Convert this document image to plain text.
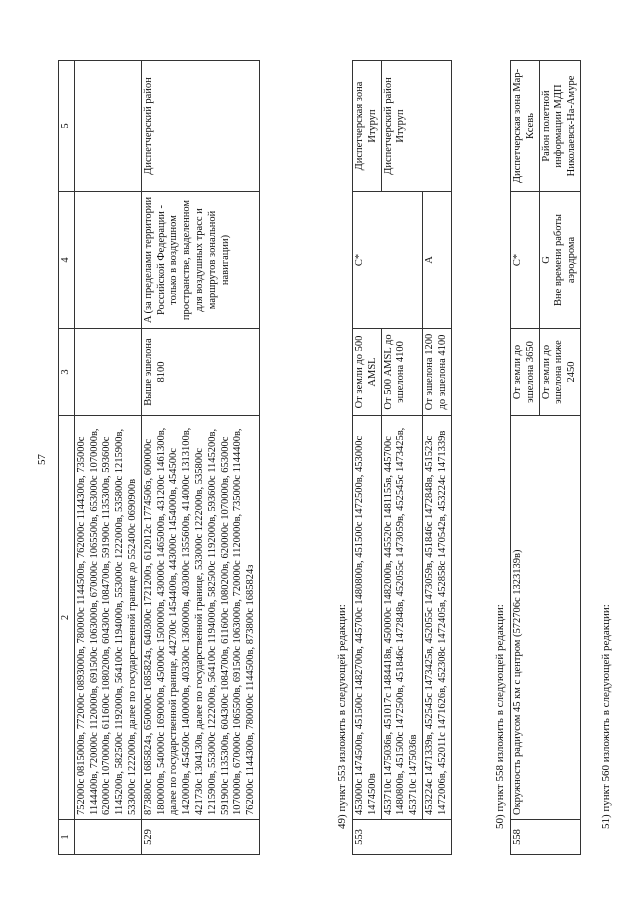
57
1	2	3	4	5
	752000с 0815000в, 772000с 0893000в, 780000с 1144500в, 762000с 1144300в, 735000с 1144400в, 720000с 1120000в, 691500с 1063000в, 670000с 1065500в, 653000с 1070000в, 620000с 1070000в, 611600с 1080200в, 604300с 1084700в, 591900с 1135300в, 593600с 1145200в, 582500с 1192000в, 564100с 1194000в, 553000с 1222000в, 535800с 1215900в, 533000с 1222000в, далее по государственной границе до 552400с 0690900в			
529	873800с 1685824з, 650000с 1685824з, 640300с 1721200з, 612012с 1774506з, 600000с 1800000в, 540000с 1690000в, 450000с 1500000в, 430000с 1465000в, 431200с 1461300в, далее по государственной границе, 442700с 1454400в, 443000с 1454000в, 454500с 1420000в, 454500с 1400000в, 403300с 1360000в, 403000с 1355600в, 414000с 1313100в, 421730с 1304130в, далее по государственной границе, 533000с 1222000в, 535800с 1215900в, 553000с 1222000в, 564100с 1194000в, 582500с 1192000в, 593600с 1145200в, 591900с 1135300в, 604300с 1084700в, 611600с 1080200в, 620000с 1070000в, 653000с 1070000в, 670000с 1065500в, 691500с 1063000в, 720000с 1120000в, 735000с 1144400в, 762000с 1144300в, 780000с 1144500в, 873800с 1685824з	Выше эшелона 8100	A (за пределами территории Российской Федерации - только в воздушном пространстве, выделенном для воздушных трасс и маршрутов зональной навигации)	Диспетчерский район
49) пункт 553 изложить в следующей редакции:
553	453000с 1474500в, 451500с 1482700в, 445700с 1480800в, 451500с 1472500в, 453000с 1474500в	От земли до 500 AMSL	C*	Диспетчерская зона Итуруп
	453710с 1475036в, 451017с 1484418в, 450000с 1482000в, 445520с 1481155в, 445700с 1480800в, 451500с 1472500в, 451846с 1472848в, 452055с 1473059в, 452545с 1473425в, 453710с 1475036в	От 500 AMSL до эшелона 4100		Диспетчерский район Итуруп
	453224с 1471339в, 452545с 1473425в, 452055с 1473059в, 451846с 1472848в, 451523с 1472006в, 452011с 1471626в, 452308с 1472405в, 452858с 1470542в, 453224с 1471339в	От эшелона 1200 до эшелона 4100	A	
50) пункт 558 изложить в следующей редакции:
558	Окружность радиусом 45 км с центром (572706с 1323139в)	От земли до эшелона 3650	C*	Диспетчерская зона Мар-Ксевь
		От земли до эшелона ниже 2450	G Вне времени работы аэродрома	Район полетной информации МДП Николаевск-На-Амуре
51) пункт 560 изложить в следующей редакции:
